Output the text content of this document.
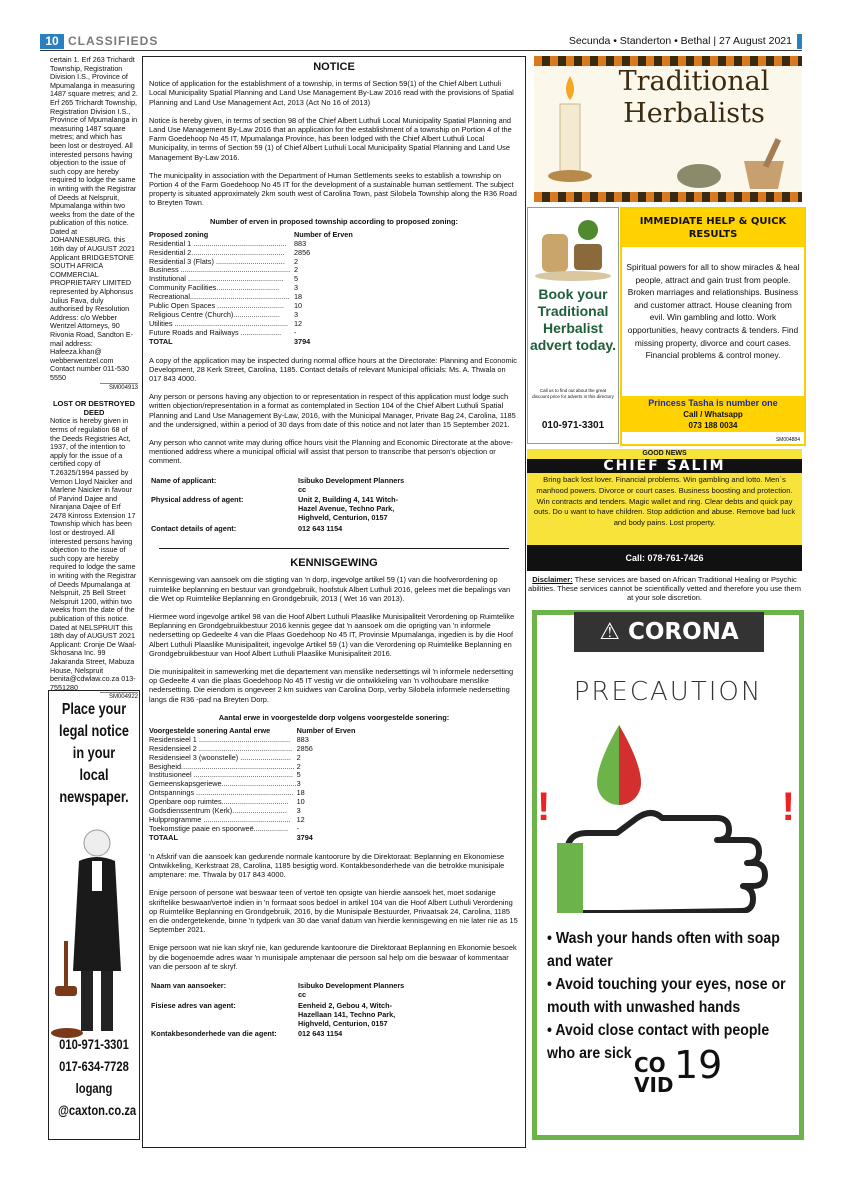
10 CLASSIFIEDS	Secunda • Standerton • Bethal | 27 August 2021

certain 1. Erf 263 Trichardt Township, Registration Division I.S., Province of Mpumalanga in measuring 1487 square metres; and 2. Erf 265 Trichardt Township, Registration Division I.S., Province of Mpumalanga in measuring 1487 square metres; and which has been lost or destroyed. All interested persons having objection to the issue of such copy are hereby required to lodge the same in writing with the Registrar of Deeds at Nelspruit, Mpumalanga within two weeks from the date of the publication of this notice. Dated at JOHANNESBURG. this 16th day of AUGUST 2021 Applicant BRIDGESTONE SOUTH AFRICA COMMERCIAL PROPRIETARY LIMITED represented by Alphonsus Julius Fava, duly authorised by Resolution Address: c/o Webber Wentzel Attorneys, 90 Rivonia Road, Sandton E-mail address: Hafeeza.khan@ webberwentzel.com Contact number 011-530 5550

SM004913
LOST OR DESTROYED DEED

Notice is hereby given in terms of regulation 68 of the Deeds Registries Act, 1937, of the intention to apply for the issue of a certified copy of T.26325/1994 passed by Vernon Lloyd Naicker and Marlene Naicker in favour of Parvind Dajee and Niranjana Dajee of Erf 2478 Kinross Extension 17 Township which has been lost or destroyed. All interested persons having objection to the issue of such copy are hereby required to lodge the same in writing with the Registrar of Deeds Mpumalanga at Nelspruit, 25 Bell Street Nelspruit 1200, within two weeks from the date of the publication of this notice. Dated at NELSPRUIT this 18th day of AUGUST 2021 Applicant: Cronje De Waal-Skhosana Inc. 99 Jakaranda Street, Mabuza House, Nelspruit benita@cdwlaw.co.za 013-7551280

SM004922
Place your legal notice in your local newspaper.
010-971-3301
017-634-7728
logang
@caxton.co.za
NOTICE

Notice of application for the establishment of a township, in terms of Section 59(1) of the Chief Albert Luthuli Local Municipality Spatial Planning and Land Use Management By-Law 2016 read with the provisions of Spatial Planning and Land Use Management Act, 2013 (Act No 16 of 2013)

Notice is hereby given, in terms of section 98 of the Chief Albert Luthuli Local Municipality Spatial Planning and Land Use Management By-Law 2016 that an application for the establishment of a township on Portion 4 of the Farm Goedehoop No 45 IT, Mpumalanga Province, has been lodged with the Chief Albert Luthuli Local Municipality, in terms of Section 59 (1) of Chief Albert Luthuli Local Municipality Spatial Planning and Land Use Management By-Law 2016.

The municipality in association with the Department of Human Settlements seeks to establish a township on Portion 4 of the Farm Goedehoop No 45 IT for the development of a sustainable human settlement. The subject property is situated approximately 2km south west of Carolina Town, past Silobela Township along the R36 Road to Breyten Town.

Number of erven in proposed township according to proposed zoning:
Proposed zoning	Number of Erven
Residential 1 ..............................................	883
Residential 2..............................................	2856
Residential 3 (Flats) ..................................	2
Business ......................................................	2
Institutional ...............................................	5
Community Facilities...............................	3
Recreational.................................................	18
Public Open Spaces .................................	10
Religious Centre (Church).......................	3
Utilities ........................................................	12
Future Roads and Railways ....................	-
TOTAL	3794

A copy of the application may be inspected during normal office hours at the Directorate: Planning and Economic Development, 28 Kerk Street, Carolina, 1185. Contact details of relevant Municipal officials: Ms. A. Thwala on 017 843 4000.

Any person or persons having any objection to or representation in respect of this application must lodge such written objection/representation in a format as contemplated in Section 104 of the Chief Albert Luthuli Spatial Planning and Land Use Management By-Law, 2016, with the Municipal Manager, Private Bag 24, Carolina, 1185 and the undersigned, within a period of 30 days from date of this notice and not later than 15 September 2021.

Any person who cannot write may during office hours visit the Planning and Economic Directorate at the above-mentioned address where a municipal official will assist that person to transcribe that person's objection or comment.

Name of applicant:	Isibuko Development Planners cc
Physical address of agent:	Unit 2, Building 4, 141 Witch-Hazel Avenue, Techno Park, Highveld, Centurion, 0157
Contact details of agent:	012 643 1154
KENNISGEWING

Kennisgewing van aansoek om die stigting van 'n dorp, ingevolge artikel 59 (1) van die hoofverordening op ruimtelike beplanning en bestuur van grondgebruik, hoofstuk Albert Luthuli 2016, gelees met die bepalings van die Wet op Ruimtelike Beplanning en Grondgebruik, 2013 ( Wet 16 van 2013).

Hiermee word ingevolge artikel 98 van die Hoof Albert Luthuli Plaaslike Munisipaliteit Verordening op Ruimtelike Beplanning en Grondgebruikbestuur 2016 kennis gegee dat 'n aansoek om die oprigting van 'n informele nedersetting op Gedeelte 4 van die Plaas Goedehoop No 45 IT, Provinsie Mpumalanga, ingedien is by die Hoof Albert Luthuli Plaaslike Munisipaliteit, ingevolge Artikel 59 (1) van die Verordening op Ruimtelike Beplanning en Grondgebruikbestuur van Hoof Albert Luthuli Plaaslike Munisipaliteit 2016.

Die munisipaliteit in samewerking met die departement van menslike nedersettings wil 'n informele nedersetting op Gedeelte 4 van die plaas Goedehoop No 45 IT vestig vir die ontwikkeling van 'n volhoubare menslike nedersetting. Die eiendom is ongeveer 2 km suidwes van Carolina Dorp, verby Silobela informele nedersetting langs die R36 -pad na Breyten Dorp.

Aantal erwe in voorgestelde dorp volgens voorgestelde sonering:
Voorgestelde sonering Aantal erwe	Number of Erven
Residensieel 1 .............................................	883
Residensieel 2 ..............................................	2856
Residensieel 3 (woonstelle) .........................	2
Besigheid........................................................	2
Institusioneel .................................................	5
Gemeenskapsgeriewe.....................................	3
Ontspannings ................................................	18
Openbare oop ruimtes.................................	10
Godsdienssentrum (Kerk)...........................	3
Hulpprogramme ...........................................	12
Toekomstige paaie en spoorweë.................	-
TOTAAL	3794

'n Afskrif van die aansoek kan gedurende normale kantoorure by die Direktoraat: Beplanning en Ekonomiese Ontwikkeling, Kerkstraat 28, Carolina, 1185 besigtig word. Kontakbesonderhede van die betrokke munisipale amptenare: me. Thwala by 017 843 4000.

Enige persoon of persone wat beswaar teen of vertoë ten opsigte van hierdie aansoek het, moet sodanige skriftelike beswaar/vertoë indien in 'n formaat soos bedoel in artikel 104 van die Hoof Albert Luthuli Verordening op Ruimtelike Beplanning en Grondgebruik, 2016, by die Munisipale Bestuurder, Privaatsak 24, Carolina, 1185 en die ondergetekende, binne 'n tydperk van 30 dae vanaf datum van hierdie kennisgewing en nie later nie as 15 September 2021.

Enige persoon wat nie kan skryf nie, kan gedurende kantoorure die Direktoraat Beplanning en Ekonomie besoek by die bogenoemde adres waar 'n munisipale amptenaar die persoon sal help om die beswaar of kommentaar van die persoon af te skryf.

Naam van aansoeker:	Isibuko Development Planners cc
Fisiese adres van agent:	Eenheid 2, Gebou 4, Witch-Hazellaan 141, Techno Park, Highveld, Centurion, 0157
Kontakbesonderhede van die agent:	012 643 1154
Traditional Herbalists
Book your Traditional Herbalist advert today.
Call us to find out about the great discount price for adverts in this directory
010-971-3301
IMMEDIATE HELP & QUICK RESULTS
Spiritual powers for all to show miracles & heal people, attract and gain trust from people. Broken marriages and relationships. Business and customer attract. House cleaning from evil. Win gambling and lotto. Work opportunities, heavy contracts & tenders. Find missing property, divorce and court cases. Financial problems & control money.
Princess Tasha is number one
Call / Whatsapp
073 188 0034
SM004884
GOOD NEWS
CHIEF SALIM
Bring back lost lover. Financial problems. Win gambling and lotto. Men`s manhood powers. Divorce or court cases. Business boosting and protection. Win contracts and tenders. Magic wallet and ring. Clear debts and quick pay outs. Do u want to have children. Stop addiction and abuse. Remove bad luck and body pains. Lost property.
Call: 078-761-7426
Disclaimer: These services are based on African Traditional Healing or Psychic abilities. These services cannot be scientifically vetted and therefore you use them at your sole discretion.
⚠ CORONA
PRECAUTION
!	!

• Wash your hands often with soap and water

• Avoid touching your eyes, nose or mouth with unwashed hands

• Avoid close contact with people who are sick CO 19

VID
